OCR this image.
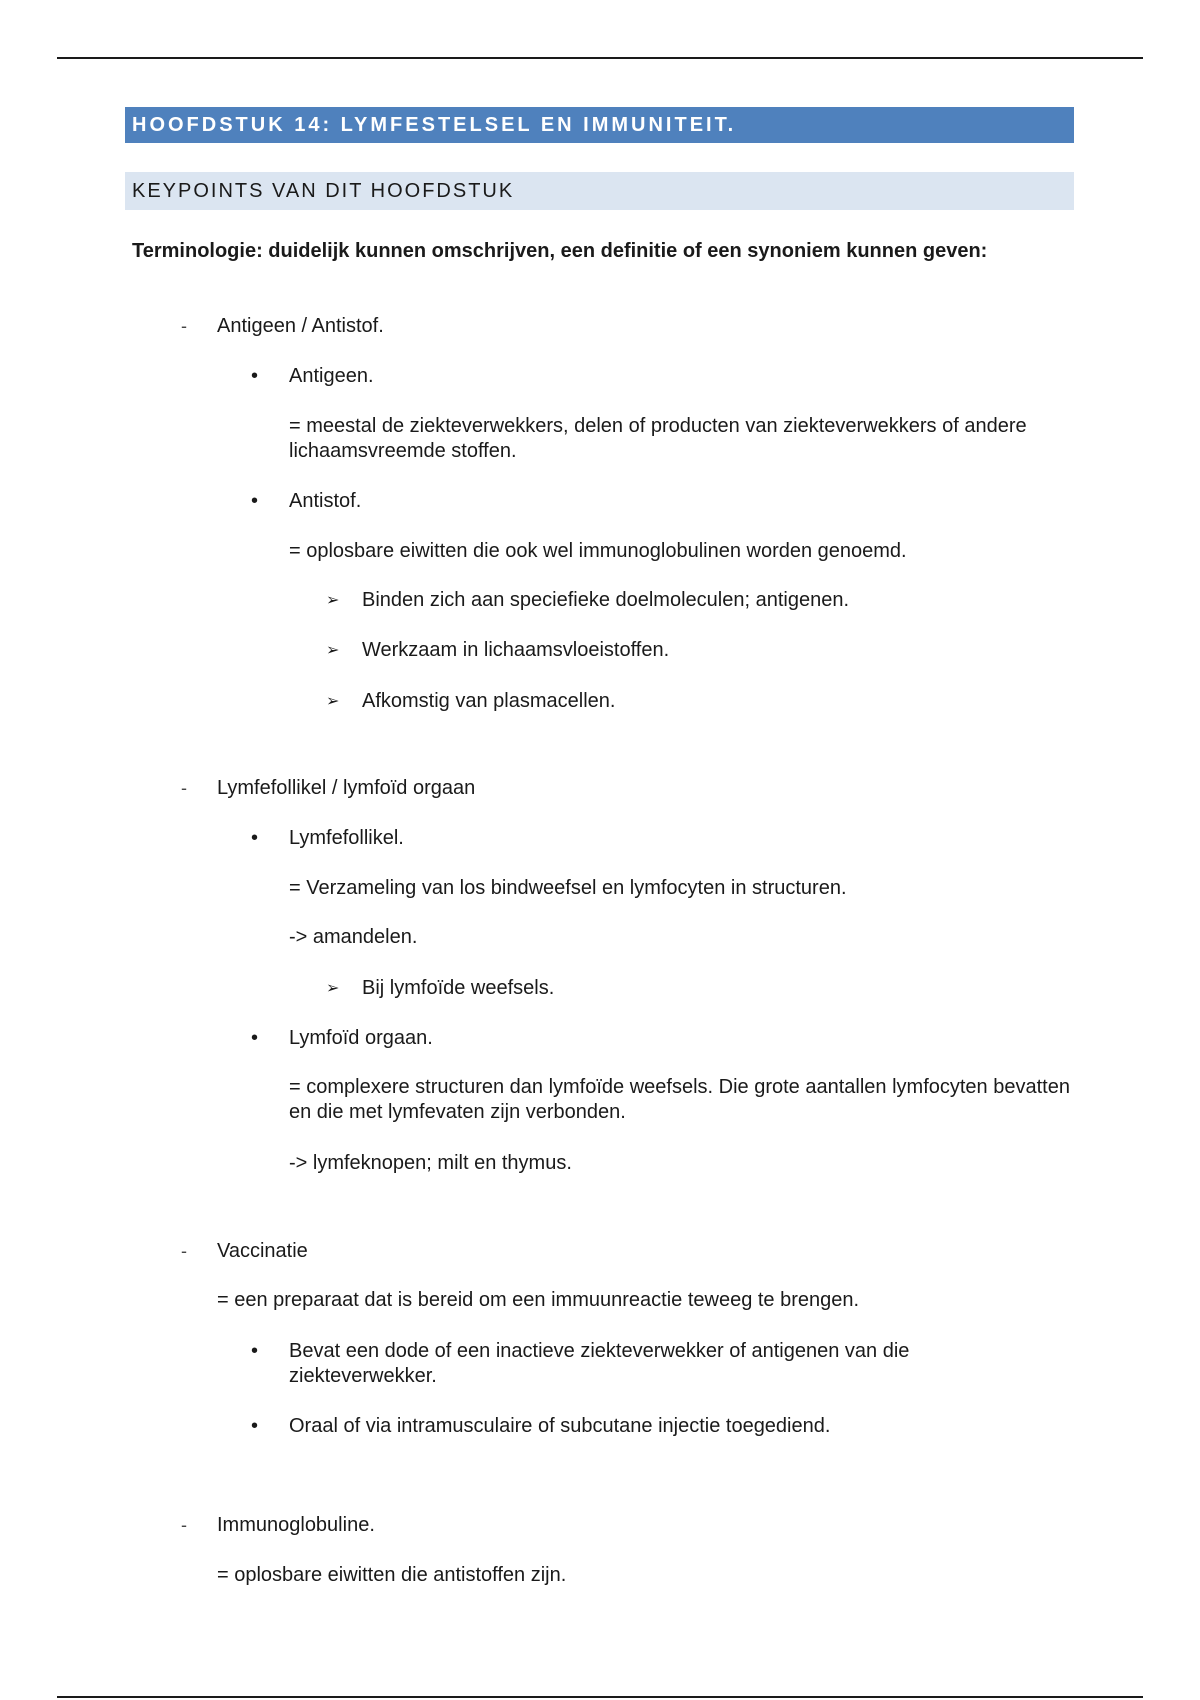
HOOFDSTUK 14: LYMFESTELSEL EN IMMUNITEIT.
KEYPOINTS VAN DIT HOOFDSTUK
Terminologie: duidelijk kunnen omschrijven, een definitie of een synoniem kunnen geven:
- Antigeen / Antistof.
• Antigeen.
= meestal de ziekteverwekkers, delen of producten van ziekteverwekkers of andere lichaamsvreemde stoffen.
• Antistof.
= oplosbare eiwitten die ook wel immunoglobulinen worden genoemd.
➢ Binden zich aan speciefieke doelmoleculen; antigenen.
➢ Werkzaam in lichaamsvloeistoffen.
➢ Afkomstig van plasmacellen.
- Lymfefollikel / lymfoïd orgaan
• Lymfefollikel.
= Verzameling van los bindweefsel en lymfocyten in structuren.
-> amandelen.
➢ Bij lymfoïde weefsels.
• Lymfoïd orgaan.
= complexere structuren dan lymfoïde weefsels. Die grote aantallen lymfocyten bevatten en die met lymfevaten zijn verbonden.
-> lymfeknopen; milt en thymus.
- Vaccinatie
= een preparaat dat is bereid om een immuunreactie teweeg te brengen.
• Bevat een dode of een inactieve ziekteverwekker of antigenen van die ziekteverwekker.
• Oraal of via intramusculaire of subcutane injectie toegediend.
- Immunoglobuline.
= oplosbare eiwitten die antistoffen zijn.
